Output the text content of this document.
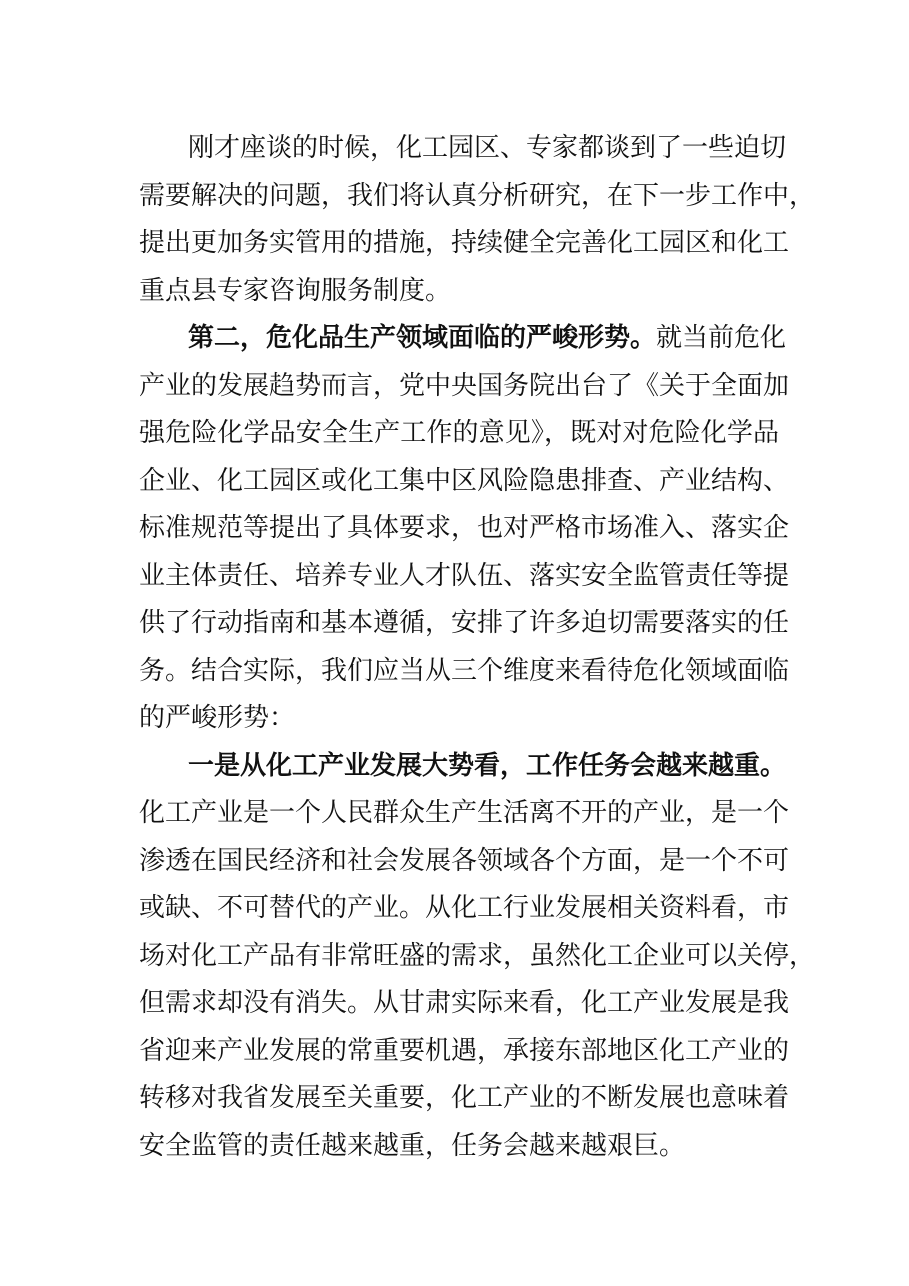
刚才座谈的时候，化工园区、专家都谈到了一些迫切
需要解决的问题，我们将认真分析研究，在下一步工作中，
提出更加务实管用的措施，持续健全完善化工园区和化工
重点县专家咨询服务制度。
第二，危化品生产领域面临的严峻形势。就当前危化
产业的发展趋势而言，党中央国务院出台了《关于全面加
强危险化学品安全生产工作的意见》，既对对危险化学品
企业、化工园区或化工集中区风险隐患排查、产业结构、
标准规范等提出了具体要求，也对严格市场准入、落实企
业主体责任、培养专业人才队伍、落实安全监管责任等提
供了行动指南和基本遵循，安排了许多迫切需要落实的任
务。结合实际，我们应当从三个维度来看待危化领域面临
的严峻形势：
一是从化工产业发展大势看，工作任务会越来越重。
化工产业是一个人民群众生产生活离不开的产业，是一个
渗透在国民经济和社会发展各领域各个方面，是一个不可
或缺、不可替代的产业。从化工行业发展相关资料看，市
场对化工产品有非常旺盛的需求，虽然化工企业可以关停，
但需求却没有消失。从甘肃实际来看，化工产业发展是我
省迎来产业发展的常重要机遇，承接东部地区化工产业的
转移对我省发展至关重要，化工产业的不断发展也意味着
安全监管的责任越来越重，任务会越来越艰巨。
